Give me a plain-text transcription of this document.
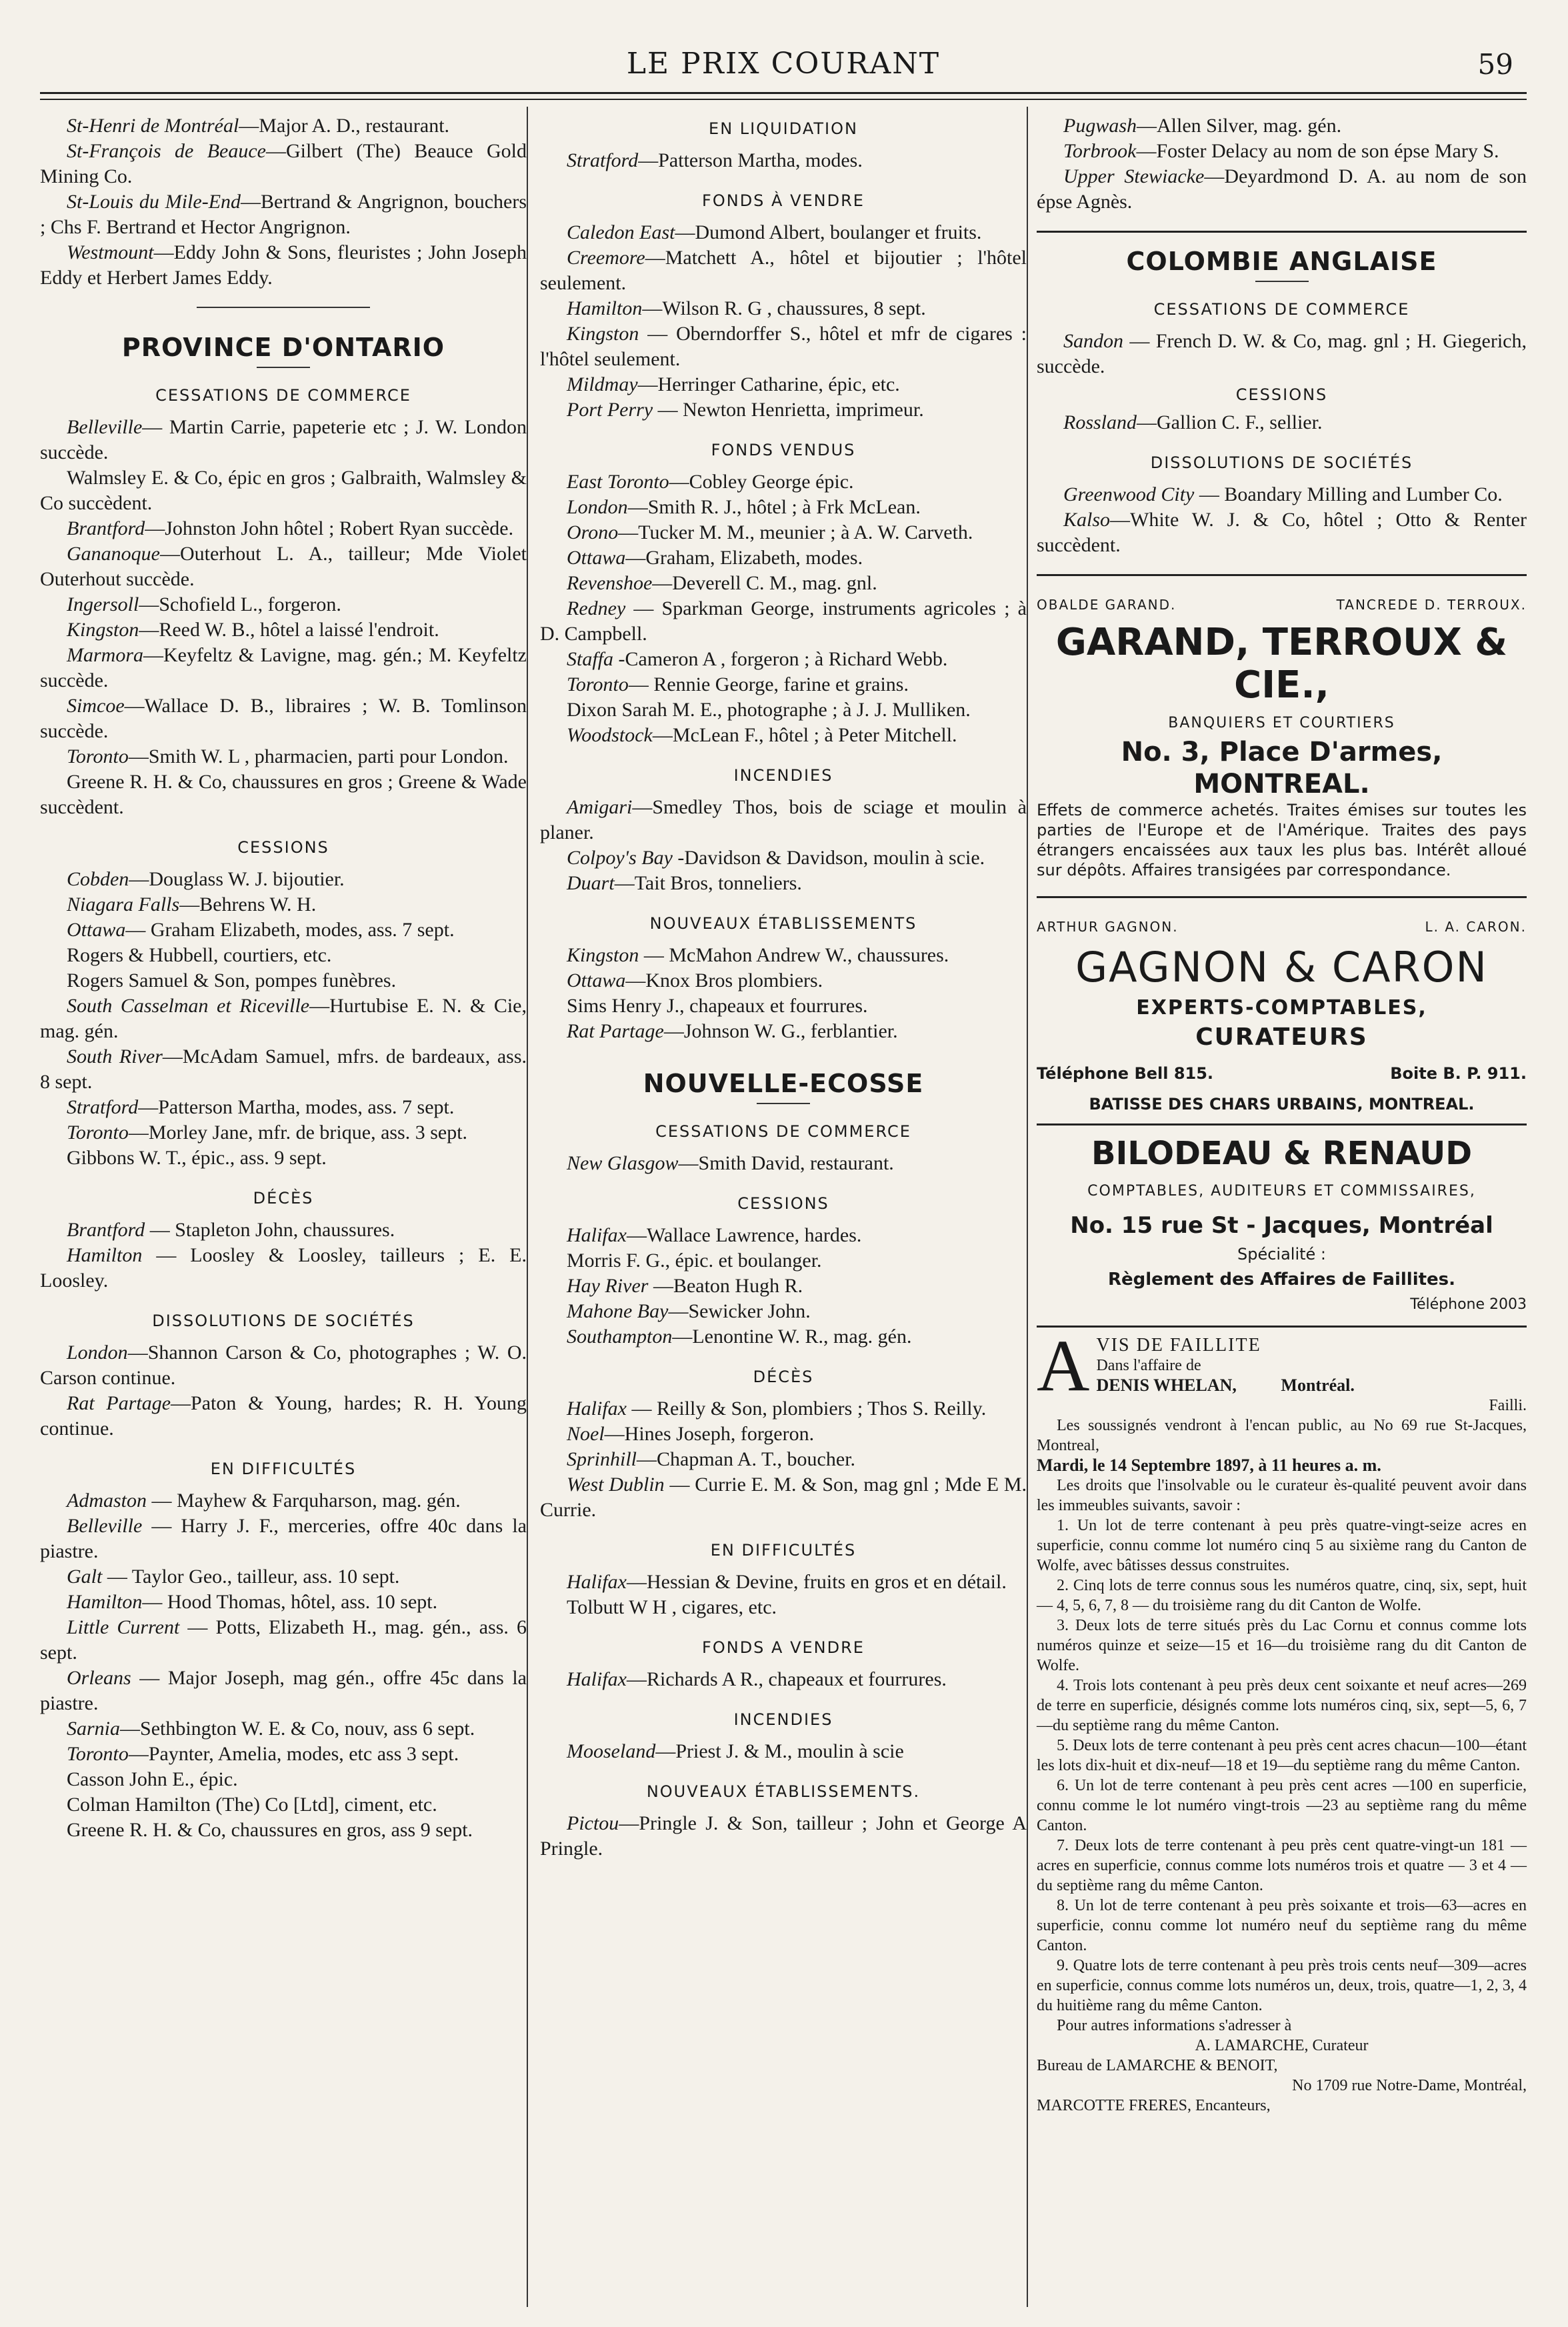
LE PRIX COURANT	59

St-Henri de Montréal—Major A. D., restaurant.

St-François de Beauce—Gilbert (The) Beauce Gold Mining Co.

St-Louis du Mile-End—Bertrand & Angrignon, bouchers ; Chs F. Bertrand et Hector Angrignon.

Westmount—Eddy John & Sons, fleuristes ; John Joseph Eddy et Herbert James Eddy.

PROVINCE D'ONTARIO
CESSATIONS DE COMMERCE

Belleville— Martin Carrie, papeterie etc ; J. W. London succède.

Walmsley E. & Co, épic en gros ; Galbraith, Walmsley & Co succèdent.

Brantford—Johnston John hôtel ; Robert Ryan succède.

Gananoque—Outerhout L. A., tailleur; Mde Violet Outerhout succède.

Ingersoll—Schofield L., forgeron.

Kingston—Reed W. B., hôtel a laissé l'endroit.

Marmora—Keyfeltz & Lavigne, mag. gén.; M. Keyfeltz succède.

Simcoe—Wallace D. B., libraires ; W. B. Tomlinson succède.

Toronto—Smith W. L , pharmacien, parti pour London.

Greene R. H. & Co, chaussures en gros ; Greene & Wade succèdent.

CESSIONS

Cobden—Douglass W. J. bijoutier.

Niagara Falls—Behrens W. H.

Ottawa— Graham Elizabeth, modes, ass. 7 sept.

Rogers & Hubbell, courtiers, etc.

Rogers Samuel & Son, pompes funèbres.

South Casselman et Riceville—Hurtubise E. N. & Cie, mag. gén.

South River—McAdam Samuel, mfrs. de bardeaux, ass. 8 sept.

Stratford—Patterson Martha, modes, ass. 7 sept.

Toronto—Morley Jane, mfr. de brique, ass. 3 sept.

Gibbons W. T., épic., ass. 9 sept.

DÉCÈS

Brantford — Stapleton John, chaussures.

Hamilton — Loosley & Loosley, tailleurs ; E. E. Loosley.

DISSOLUTIONS DE SOCIÉTÉS

London—Shannon Carson & Co, photographes ; W. O. Carson continue.

Rat Partage—Paton & Young, hardes; R. H. Young continue.

EN DIFFICULTÉS

Admaston — Mayhew & Farquharson, mag. gén.

Belleville — Harry J. F., merceries, offre 40c dans la piastre.

Galt — Taylor Geo., tailleur, ass. 10 sept.

Hamilton— Hood Thomas, hôtel, ass. 10 sept.

Little Current — Potts, Elizabeth H., mag. gén., ass. 6 sept.

Orleans — Major Joseph, mag gén., offre 45c dans la piastre.

Sarnia—Sethbington W. E. & Co, nouv, ass 6 sept.

Toronto—Paynter, Amelia, modes, etc ass 3 sept.

Casson John E., épic.

Colman Hamilton (The) Co [Ltd], ciment, etc.

Greene R. H. & Co, chaussures en gros, ass 9 sept.

EN LIQUIDATION

Stratford—Patterson Martha, modes.

FONDS À VENDRE

Caledon East—Dumond Albert, boulanger et fruits.

Creemore—Matchett A., hôtel et bijoutier ; l'hôtel seulement.

Hamilton—Wilson R. G , chaussures, 8 sept.

Kingston — Oberndorffer S., hôtel et mfr de cigares : l'hôtel seulement.

Mildmay—Herringer Catharine, épic, etc.

Port Perry — Newton Henrietta, imprimeur.

FONDS VENDUS

East Toronto—Cobley George épic.

London—Smith R. J., hôtel ; à Frk McLean.

Orono—Tucker M. M., meunier ; à A. W. Carveth.

Ottawa—Graham, Elizabeth, modes.

Revenshoe—Deverell C. M., mag. gnl.

Redney — Sparkman George, instruments agricoles ; à D. Campbell.

Staffa -Cameron A , forgeron ; à Richard Webb.

Toronto— Rennie George, farine et grains.

Dixon Sarah M. E., photographe ; à J. J. Mulliken.

Woodstock—McLean F., hôtel ; à Peter Mitchell.

INCENDIES

Amigari—Smedley Thos, bois de sciage et moulin à planer.

Colpoy's Bay -Davidson & Davidson, moulin à scie.

Duart—Tait Bros, tonneliers.

NOUVEAUX ÉTABLISSEMENTS

Kingston — McMahon Andrew W., chaussures.

Ottawa—Knox Bros plombiers.

Sims Henry J., chapeaux et fourrures.

Rat Partage—Johnson W. G., ferblantier.

NOUVELLE-ECOSSE
CESSATIONS DE COMMERCE

New Glasgow—Smith David, restaurant.

CESSIONS

Halifax—Wallace Lawrence, hardes.

Morris F. G., épic. et boulanger.

Hay River —Beaton Hugh R.

Mahone Bay—Sewicker John.

Southampton—Lenontine W. R., mag. gén.

DÉCÈS

Halifax — Reilly & Son, plombiers ; Thos S. Reilly.

Noel—Hines Joseph, forgeron.

Sprinhill—Chapman A. T., boucher.

West Dublin — Currie E. M. & Son, mag gnl ; Mde E M. Currie.

EN DIFFICULTÉS

Halifax—Hessian & Devine, fruits en gros et en détail.

Tolbutt W H , cigares, etc.

FONDS A VENDRE

Halifax—Richards A R., chapeaux et fourrures.

INCENDIES

Mooseland—Priest J. & M., moulin à scie

NOUVEAUX ÉTABLISSEMENTS.

Pictou—Pringle J. & Son, tailleur ; John et George A Pringle.

Pugwash—Allen Silver, mag. gén.

Torbrook—Foster Delacy au nom de son épse Mary S.

Upper Stewiacke—Deyardmond D. A. au nom de son épse Agnès.

COLOMBIE ANGLAISE
CESSATIONS DE COMMERCE

Sandon — French D. W. & Co, mag. gnl ; H. Giegerich, succède.

CESSIONS

Rossland—Gallion C. F., sellier.

DISSOLUTIONS DE SOCIÉTÉS

Greenwood City — Boandary Milling and Lumber Co.

Kalso—White W. J. & Co, hôtel ; Otto & Renter succèdent.

OBALDE GARAND.	TANCREDE D. TERROUX.
GARAND, TERROUX & CIE.,
BANQUIERS ET COURTIERS
No. 3, Place D'armes, MONTREAL.
Effets de commerce achetés. Traites émises sur toutes les parties de l'Europe et de l'Amérique. Traites des pays étrangers encaissées aux taux les plus bas. Intérêt alloué sur dépôts. Affaires transigées par correspondance.
ARTHUR GAGNON.	L. A. CARON.
GAGNON & CARON
EXPERTS-COMPTABLES,
CURATEURS
Téléphone Bell 815.	Boite B. P. 911.
BATISSE DES CHARS URBAINS, MONTREAL.
BILODEAU & RENAUD
COMPTABLES, AUDITEURS ET COMMISSAIRES,
No. 15 rue St - Jacques, Montréal
Spécialité :
Règlement des Affaires de Faillites.
Téléphone 2003
A VIS DE FAILLITE

Dans l'affaire de

DENIS WHELAN,	Montréal.

Failli.

Les soussignés vendront à l'encan public, au No 69 rue St-Jacques, Montreal,

Mardi, le 14 Septembre 1897, à 11 heures a. m.

Les droits que l'insolvable ou le curateur ès-qualité peuvent avoir dans les immeubles suivants, savoir :

1. Un lot de terre contenant à peu près quatre-vingt-seize acres en superficie, connu comme lot numéro cinq 5 au sixième rang du Canton de Wolfe, avec bâtisses dessus construites.

2. Cinq lots de terre connus sous les numéros quatre, cinq, six, sept, huit — 4, 5, 6, 7, 8 — du troisième rang du dit Canton de Wolfe.

3. Deux lots de terre situés près du Lac Cornu et connus comme lots numéros quinze et seize—15 et 16—du troisième rang du dit Canton de Wolfe.

4. Trois lots contenant à peu près deux cent soixante et neuf acres—269 de terre en superficie, désignés comme lots numéros cinq, six, sept—5, 6, 7—du septième rang du même Canton.

5. Deux lots de terre contenant à peu près cent acres chacun—100—étant les lots dix-huit et dix-neuf—18 et 19—du septième rang du même Canton.

6. Un lot de terre contenant à peu près cent acres —100 en superficie, connu comme le lot numéro vingt-trois —23 au septième rang du même Canton.

7. Deux lots de terre contenant à peu près cent quatre-vingt-un 181 — acres en superficie, connus comme lots numéros trois et quatre — 3 et 4 — du septième rang du même Canton.

8. Un lot de terre contenant à peu près soixante et trois—63—acres en superficie, connu comme lot numéro neuf du septième rang du même Canton.

9. Quatre lots de terre contenant à peu près trois cents neuf—309—acres en superficie, connus comme lots numéros un, deux, trois, quatre—1, 2, 3, 4 du huitième rang du même Canton.

Pour autres informations s'adresser à

A. LAMARCHE, Curateur

Bureau de LAMARCHE & BENOIT,

No 1709 rue Notre-Dame, Montréal,

MARCOTTE FRERES, Encanteurs,
